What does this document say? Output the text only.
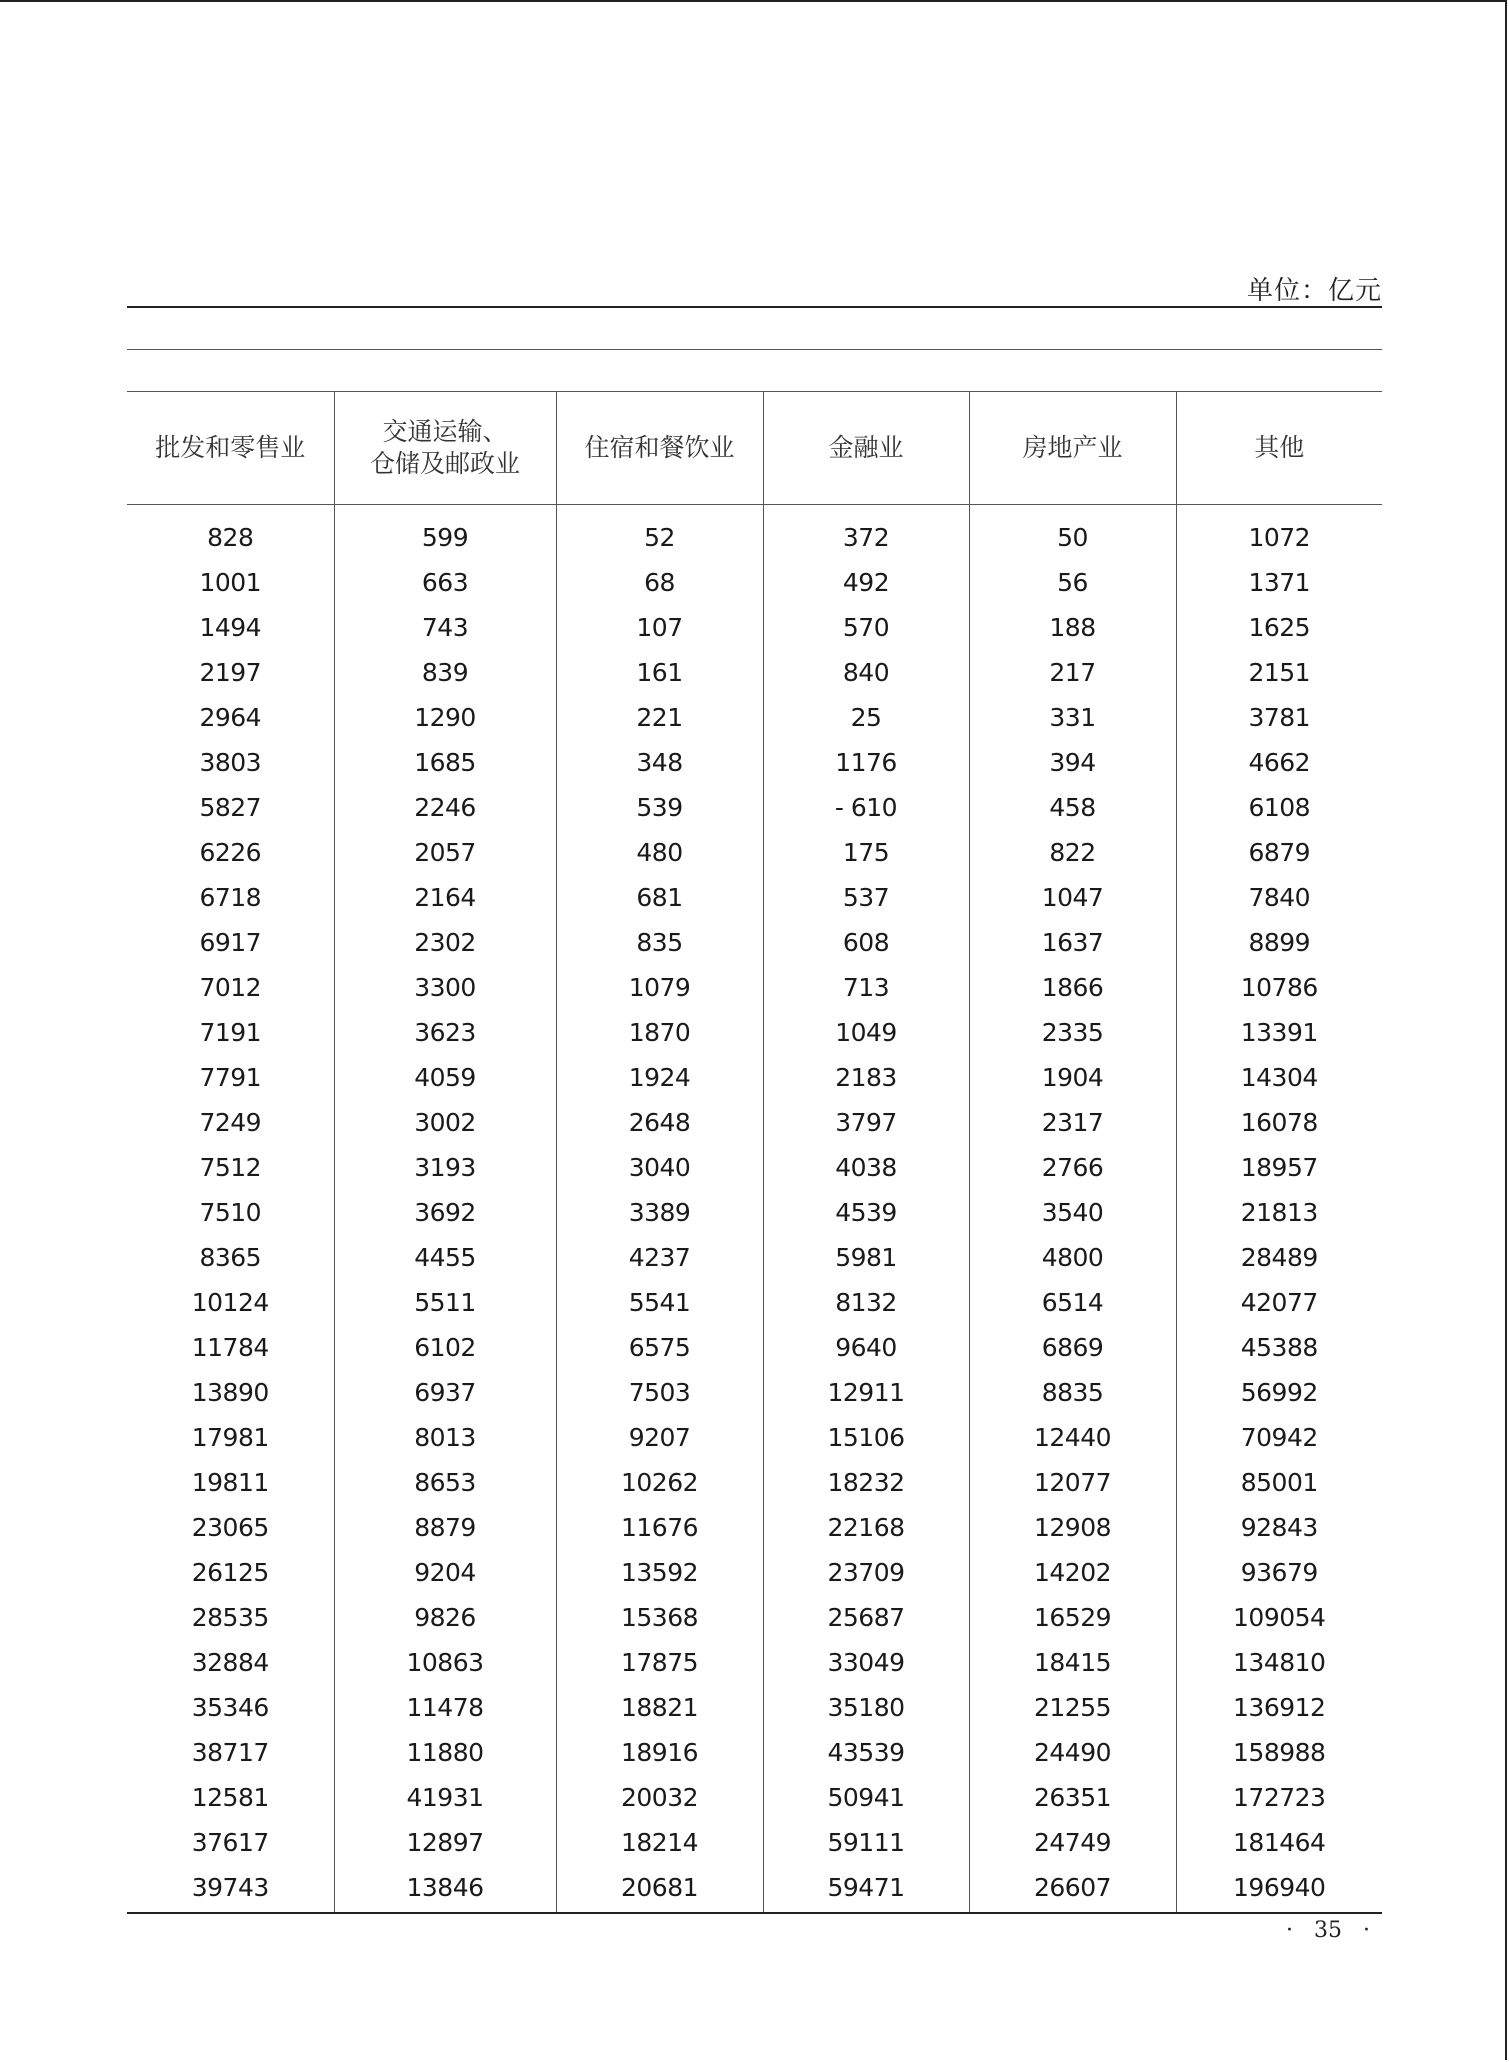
单位：亿元
批发和零售业	交通运输、
仓储及邮政业	住宿和餐饮业	金融业	房地产业	其他

828	599	52	372	50	1072
1001	663	68	492	56	1371
1494	743	107	570	188	1625
2197	839	161	840	217	2151
2964	1290	221	25	331	3781
3803	1685	348	1176	394	4662
5827	2246	539	- 610	458	6108
6226	2057	480	175	822	6879
6718	2164	681	537	1047	7840
6917	2302	835	608	1637	8899
7012	3300	1079	713	1866	10786
7191	3623	1870	1049	2335	13391
7791	4059	1924	2183	1904	14304
7249	3002	2648	3797	2317	16078
7512	3193	3040	4038	2766	18957
7510	3692	3389	4539	3540	21813
8365	4455	4237	5981	4800	28489
10124	5511	5541	8132	6514	42077
11784	6102	6575	9640	6869	45388
13890	6937	7503	12911	8835	56992
17981	8013	9207	15106	12440	70942
19811	8653	10262	18232	12077	85001
23065	8879	11676	22168	12908	92843
26125	9204	13592	23709	14202	93679
28535	9826	15368	25687	16529	109054
32884	10863	17875	33049	18415	134810
35346	11478	18821	35180	21255	136912
38717	11880	18916	43539	24490	158988
12581	41931	20032	50941	26351	172723
37617	12897	18214	59111	24749	181464
39743	13846	20681	59471	26607	196940
· 35 ·
